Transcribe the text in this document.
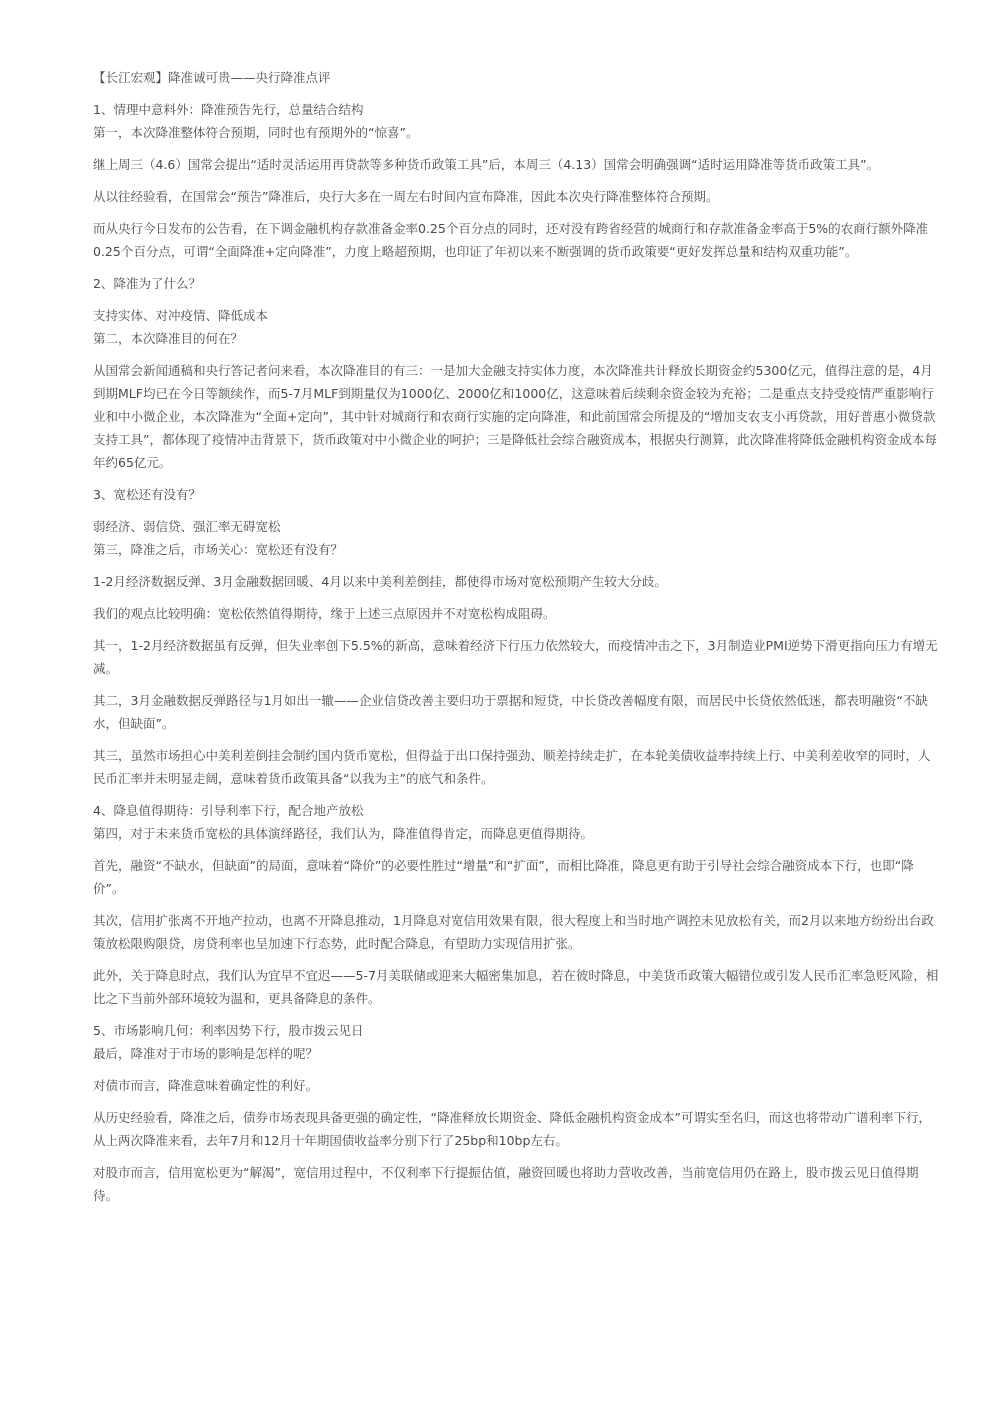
【长江宏观】降准诚可贵——央行降准点评

1、情理中意料外：降准预告先行，总量结合结构

第一，本次降准整体符合预期，同时也有预期外的“惊喜”。

继上周三（4.6）国常会提出“适时灵活运用再贷款等多种货币政策工具”后，本周三（4.13）国常会明确强调“适时运用降准等货币政策工具”。

从以往经验看，在国常会“预告”降准后，央行大多在一周左右时间内宣布降准，因此本次央行降准整体符合预期。

而从央行今日发布的公告看，在下调金融机构存款准备金率0.25个百分点的同时，还对没有跨省经营的城商行和存款准备金率高于5%的农商行额外降准0.25个百分点，可谓“全面降准+定向降准”，力度上略超预期，也印证了年初以来不断强调的货币政策要“更好发挥总量和结构双重功能”。

2、降准为了什么？

支持实体、对冲疫情、降低成本

第二，本次降准目的何在？

从国常会新闻通稿和央行答记者问来看，本次降准目的有三：一是加大金融支持实体力度，本次降准共计释放长期资金约5300亿元，值得注意的是，4月到期MLF均已在今日等额续作，而5-7月MLF到期量仅为1000亿、2000亿和1000亿，这意味着后续剩余资金较为充裕；二是重点支持受疫情严重影响行业和中小微企业，本次降准为“全面+定向”，其中针对城商行和农商行实施的定向降准，和此前国常会所提及的“增加支农支小再贷款，用好普惠小微贷款支持工具”，都体现了疫情冲击背景下，货币政策对中小微企业的呵护；三是降低社会综合融资成本，根据央行测算，此次降准将降低金融机构资金成本每年约65亿元。

3、宽松还有没有？

弱经济、弱信贷、强汇率无碍宽松

第三，降准之后，市场关心：宽松还有没有？

1-2月经济数据反弹、3月金融数据回暖、4月以来中美利差倒挂，都使得市场对宽松预期产生较大分歧。

我们的观点比较明确：宽松依然值得期待，缘于上述三点原因并不对宽松构成阻碍。

其一，1-2月经济数据虽有反弹，但失业率创下5.5%的新高，意味着经济下行压力依然较大，而疫情冲击之下，3月制造业PMI逆势下滑更指向压力有增无减。

其二，3月金融数据反弹路径与1月如出一辙——企业信贷改善主要归功于票据和短贷，中长贷改善幅度有限，而居民中长贷依然低迷，都表明融资“不缺水，但缺面”。

其三，虽然市场担心中美利差倒挂会制约国内货币宽松，但得益于出口保持强劲、顺差持续走扩，在本轮美债收益率持续上行、中美利差收窄的同时，人民币汇率并未明显走阔，意味着货币政策具备“以我为主”的底气和条件。

4、降息值得期待：引导利率下行，配合地产放松

第四，对于未来货币宽松的具体演绎路径，我们认为，降准值得肯定，而降息更值得期待。

首先，融资“不缺水，但缺面”的局面，意味着“降价”的必要性胜过“增量”和“扩面”，而相比降准，降息更有助于引导社会综合融资成本下行，也即“降价”。

其次，信用扩张离不开地产拉动，也离不开降息推动，1月降息对宽信用效果有限，很大程度上和当时地产调控未见放松有关，而2月以来地方纷纷出台政策放松限购限贷，房贷利率也呈加速下行态势，此时配合降息，有望助力实现信用扩张。

此外，关于降息时点，我们认为宜早不宜迟——5-7月美联储或迎来大幅密集加息，若在彼时降息，中美货币政策大幅错位或引发人民币汇率急贬风险，相比之下当前外部环境较为温和，更具备降息的条件。

5、市场影响几何：利率因势下行，股市拨云见日

最后，降准对于市场的影响是怎样的呢？

对债市而言，降准意味着确定性的利好。

从历史经验看，降准之后，债券市场表现具备更强的确定性，“降准释放长期资金、降低金融机构资金成本”可谓实至名归，而这也将带动广谱利率下行，从上两次降准来看，去年7月和12月十年期国债收益率分别下行了25bp和10bp左右。

对股市而言，信用宽松更为“解渴”，宽信用过程中，不仅利率下行提振估值，融资回暖也将助力营收改善，当前宽信用仍在路上，股市拨云见日值得期待。
